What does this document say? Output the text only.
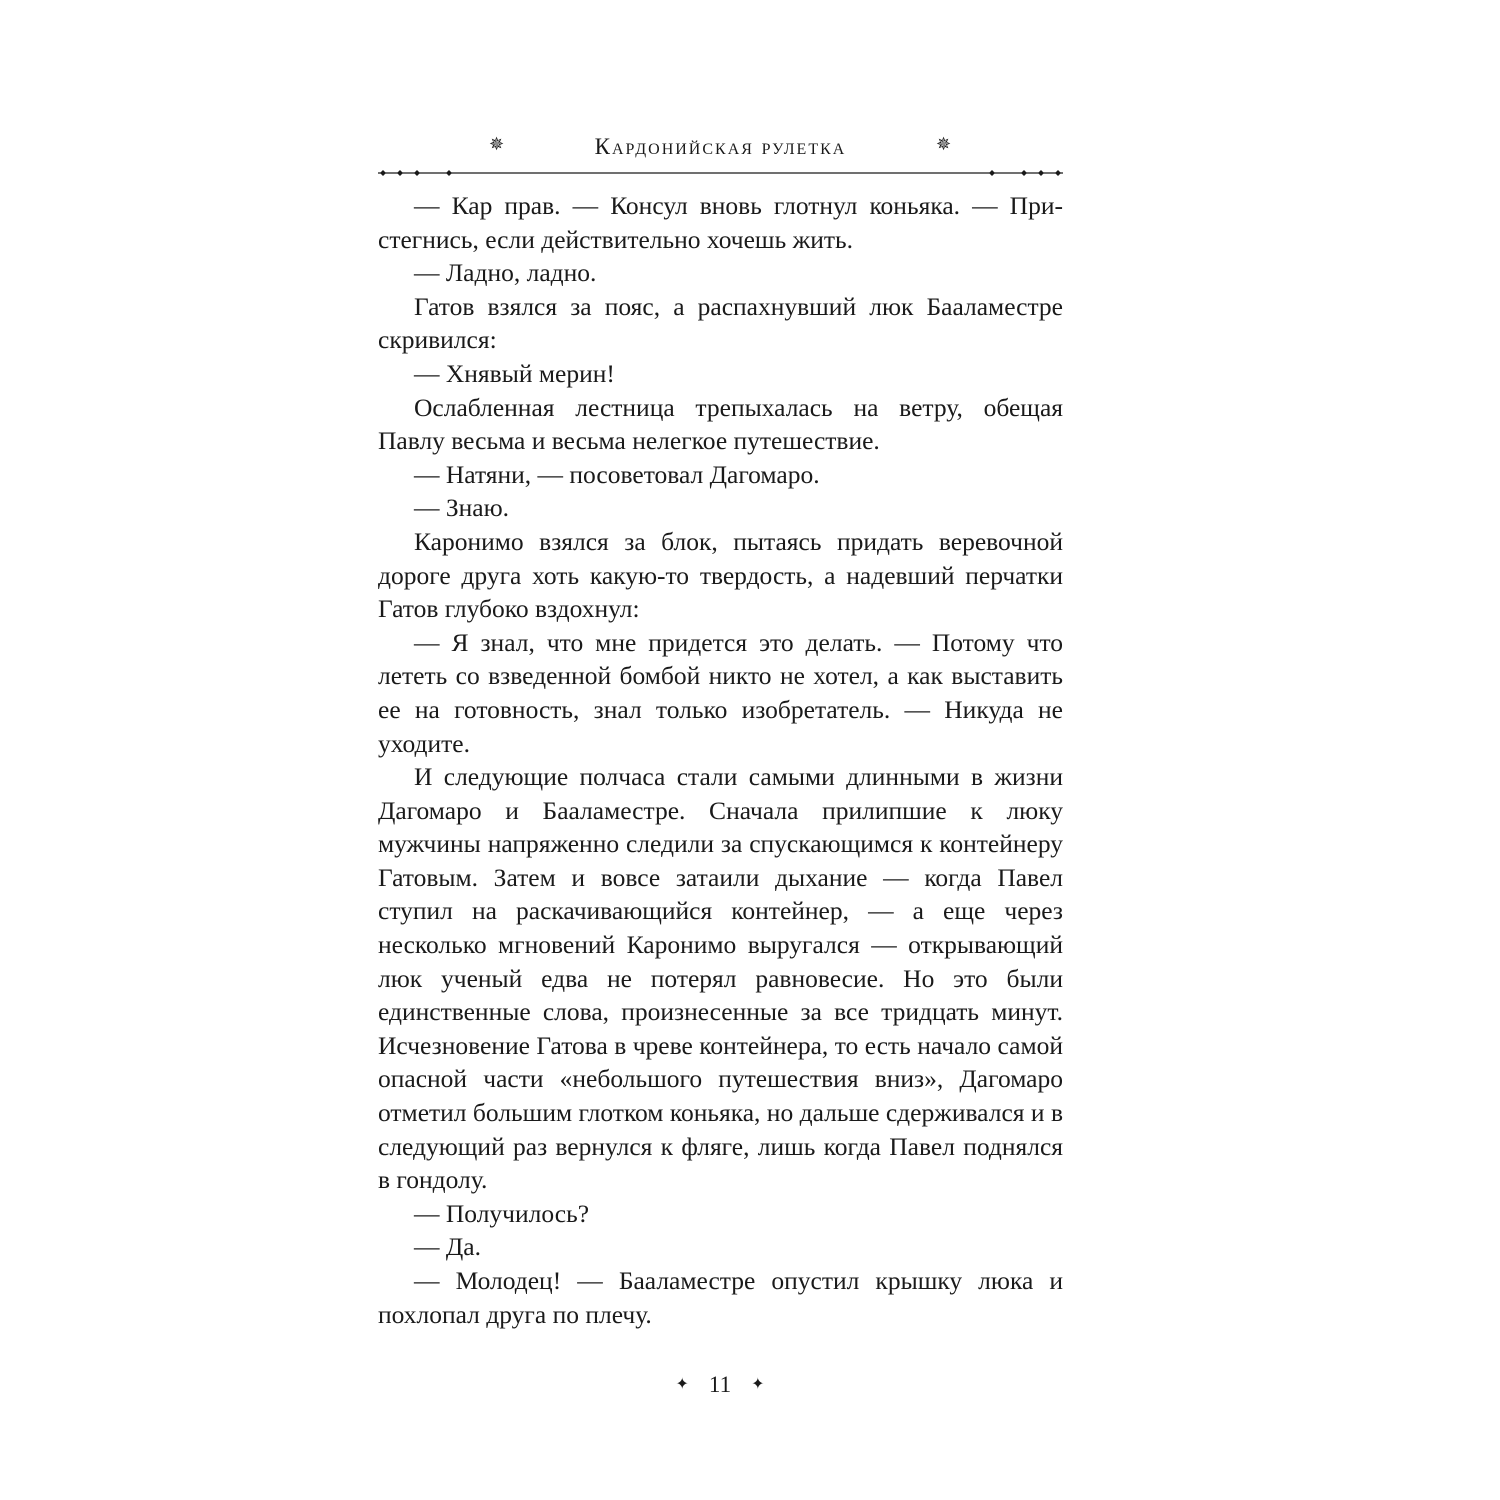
✵	Кардонийская рулетка	✵

— Кар прав. — Консул вновь глотнул коньяка. — Пристегнись, если действительно хочешь жить.

— Ладно, ладно.

Гатов взялся за пояс, а распахнувший люк Бааламестре скривился:

— Хнявый мерин!

Ослабленная лестница трепыхалась на ветру, обещая Павлу весьма и весьма нелегкое путешествие.

— Натяни, — посоветовал Дагомаро.

— Знаю.

Каронимо взялся за блок, пытаясь придать веревочной дороге друга хоть какую-то твердость, а надевший перчатки Гатов глубоко вздохнул:

— Я знал, что мне придется это делать. — Потому что лететь со взведенной бомбой никто не хотел, а как выставить ее на готовность, знал только изобретатель. — Никуда не уходите.

И следующие полчаса стали самыми длинными в жизни Дагомаро и Бааламестре. Сначала прилипшие к люку мужчины напряженно следили за спускающимся к контейнеру Гатовым. Затем и вовсе затаили дыхание — когда Павел ступил на раскачивающийся контейнер, — а еще через несколько мгновений Каронимо выругался — открывающий люк ученый едва не потерял равновесие. Но это были единственные слова, произнесенные за все тридцать минут. Исчезновение Гатова в чреве контейнера, то есть начало самой опасной части «небольшого путешествия вниз», Дагомаро отметил большим глотком коньяка, но дальше сдерживался и в следующий раз вернулся к фляге, лишь когда Павел поднялся в гондолу.

— Получилось?

— Да.

— Молодец! — Бааламестре опустил крышку люка и похлопал друга по плечу.

✦ 11 ✦
